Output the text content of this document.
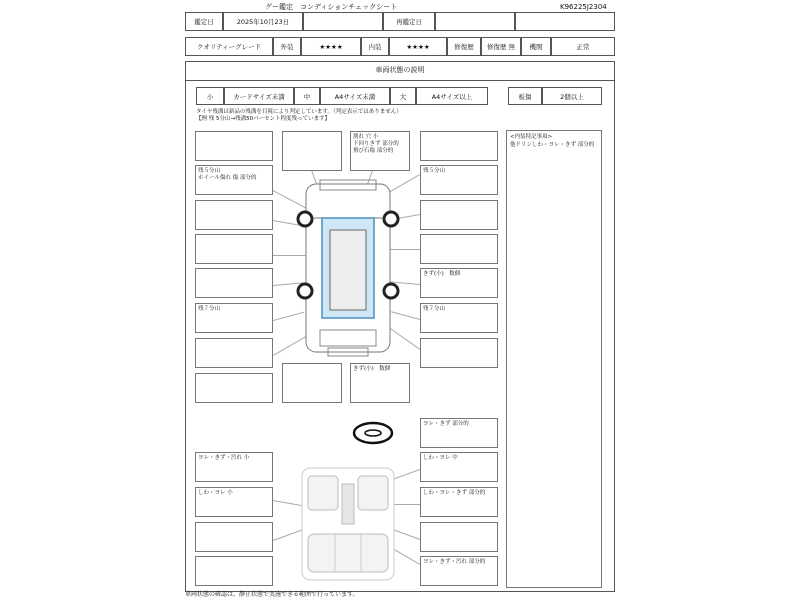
グー鑑定　コンディションチェックシート	K96225J2304
鑑定日	2025年10月23日	再鑑定日
クオリティーグレード	外装	★★★★	内装	★★★★	修復歴	修復歴 無	機関	正常
車両状態の説明
小	カードサイズ未満	中	A4サイズ未満	大	A4サイズ以上	板傷	2個以上
タイヤ残溝は新品の残溝を目視により判定しています。（判定表示ではありません）
【例 残 5分山→残溝50パーセント程度残っています】
<内装特記事項>
他ドリンしわ・ヨレ・きず 部分的
残５分山
ホイール傷れ 傷 部分的
残７分山
残５分山
きず(小)　数個
残７分山
割れ 穴 小
下回りきず 部分的
飛び石傷 部分的
きず(小)　数個
ヨレ・きず 部分的
ヨレ・きず・汚れ 小	しわ・ヨレ 中
しわ・ヨレ 小	しわ・ヨレ・きず 部分的
ヨレ・きず・汚れ 部分的
車両状態の確認は、静止状態で実施できる範囲で行っています。
